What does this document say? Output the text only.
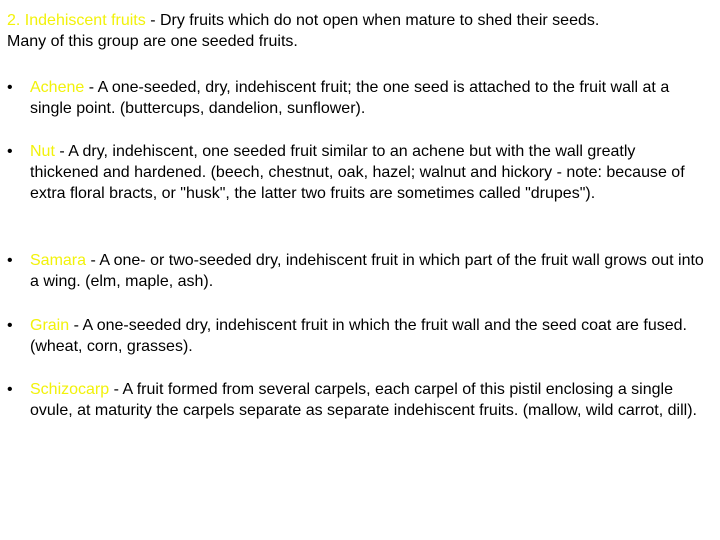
2. Indehiscent fruits - Dry fruits which do not open when mature to shed their seeds.
Many of this group are one seeded fruits.
•	Achene - A one-seeded, dry, indehiscent fruit; the one seed is attached to the fruit wall at a single point. (buttercups, dandelion, sunflower).
•	Nut - A dry, indehiscent, one seeded fruit similar to an achene but with the wall greatly thickened and hardened. (beech, chestnut, oak, hazel; walnut and hickory - note: because of extra floral bracts, or "husk", the latter two fruits are sometimes called "drupes").
•	Samara - A one- or two-seeded dry, indehiscent fruit in which part of the fruit wall grows out into a wing. (elm, maple, ash).
•	Grain - A one-seeded dry, indehiscent fruit in which the fruit wall and the seed coat are fused. (wheat, corn, grasses).
•	Schizocarp - A fruit formed from several carpels, each carpel of this pistil enclosing a single ovule, at maturity the carpels separate as separate indehiscent fruits. (mallow, wild carrot, dill).
